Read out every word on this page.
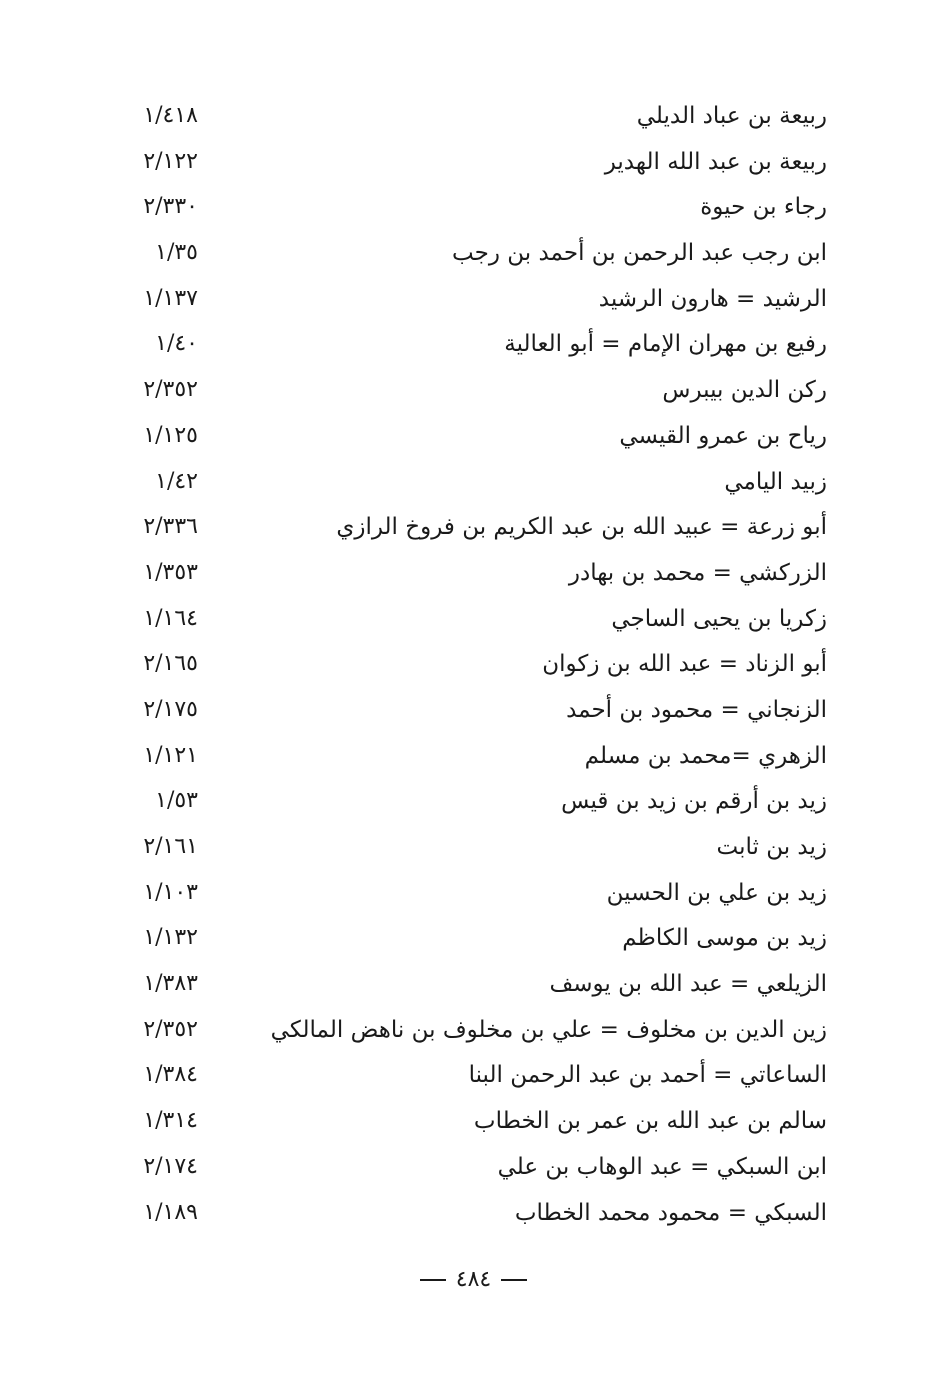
ربيعة بن عباد الديلي
١/٤١٨
ربيعة بن عبد الله الهدير
٢/١٢٢
رجاء بن حيوة
٢/٣٣٠
ابن رجب عبد الرحمن بن أحمد بن رجب
١/٣٥
الرشيد = هارون الرشيد
١/١٣٧
رفيع بن مهران الإمام = أبو العالية
١/٤٠
ركن الدين بيبرس
٢/٣٥٢
رياح بن عمرو القيسي
١/١٢٥
زبيد اليامي
١/٤٢
أبو زرعة = عبيد الله بن عبد الكريم بن فروخ الرازي
٢/٣٣٦
الزركشي = محمد بن بهادر
١/٣٥٣
زكريا بن يحيى الساجي
١/١٦٤
أبو الزناد = عبد الله بن زكوان
٢/١٦٥
الزنجاني = محمود بن أحمد
٢/١٧٥
الزهري =محمد بن مسلم
١/١٢١
زيد بن أرقم بن زيد بن قيس
١/٥٣
زيد بن ثابت
٢/١٦١
زيد بن علي بن الحسين
١/١٠٣
زيد بن موسى الكاظم
١/١٣٢
الزيلعي = عبد الله بن يوسف
١/٣٨٣
زين الدين بن مخلوف = علي بن مخلوف بن ناهض المالكي
٢/٣٥٢
الساعاتي = أحمد بن عبد الرحمن البنا
١/٣٨٤
سالم بن عبد الله بن عمر بن الخطاب
١/٣١٤
ابن السبكي = عبد الوهاب بن علي
٢/١٧٤
السبكي = محمود محمد الخطاب
١/١٨٩
٤٨٤
